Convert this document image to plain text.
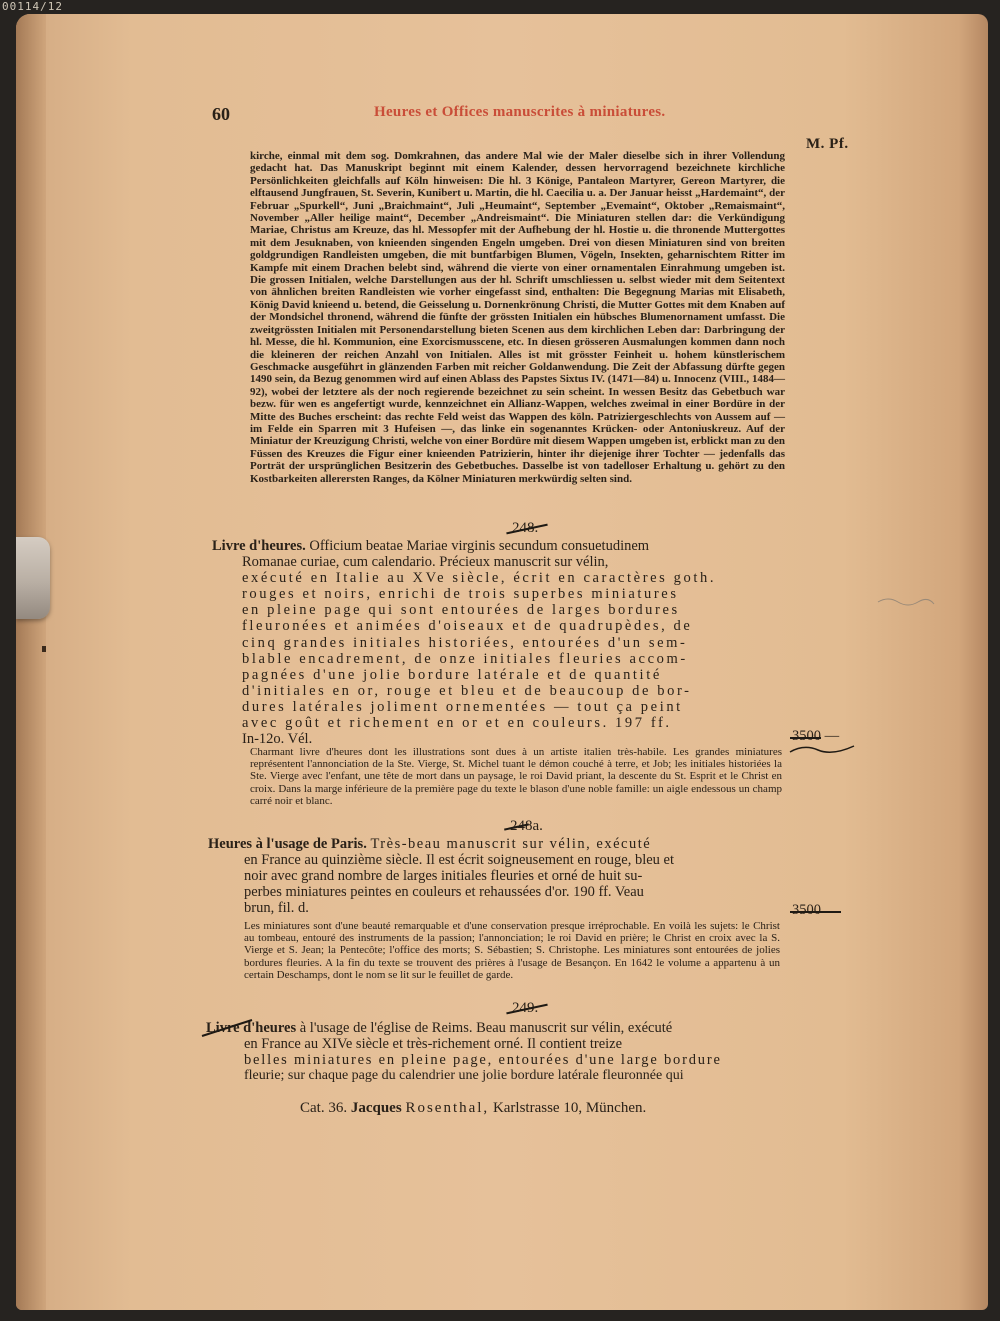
00114/12
60	Heures et Offices manuscrites à miniatures.
M. Pf.
kirche, einmal mit dem sog. Domkrahnen, das andere Mal wie der Maler dieselbe sich in ihrer Vollendung gedacht hat. Das Manuskript beginnt mit einem Kalender, dessen hervorragend bezeichnete kirchliche Persönlichkeiten gleichfalls auf Köln hinweisen: Die hl. 3 Könige, Pantaleon Martyrer, Gereon Martyrer, die elftausend Jungfrauen, St. Severin, Kunibert u. Martin, die hl. Caecilia u. a. Der Januar heisst „Hardemaint“, der Februar „Spurkell“, Juni „Braichmaint“, Juli „Heumaint“, September „Evemaint“, Oktober „Remaismaint“, November „Aller heilige maint“, December „Andreismaint“. Die Miniaturen stellen dar: die Verkündigung Mariae, Christus am Kreuze, das hl. Messopfer mit der Aufhebung der hl. Hostie u. die thronende Muttergottes mit dem Jesuknaben, von knieenden singenden Engeln umgeben. Drei von diesen Miniaturen sind von breiten goldgrundigen Randleisten umgeben, die mit buntfarbigen Blumen, Vögeln, Insekten, geharnischtem Ritter im Kampfe mit einem Drachen belebt sind, während die vierte von einer ornamentalen Einrahmung umgeben ist. Die grossen Initialen, welche Darstellungen aus der hl. Schrift umschliessen u. selbst wieder mit dem Seitentext von ähnlichen breiten Randleisten wie vorher eingefasst sind, enthalten: Die Begegnung Marias mit Elisabeth, König David knieend u. betend, die Geisselung u. Dornenkrönung Christi, die Mutter Gottes mit dem Knaben auf der Mondsichel thronend, während die fünfte der grössten Initialen ein hübsches Blumenornament umfasst. Die zweitgrössten Initialen mit Personendarstellung bieten Scenen aus dem kirchlichen Leben dar: Darbringung der hl. Messe, die hl. Kommunion, eine Exorcismusscene, etc. In diesen grösseren Ausmalungen kommen dann noch die kleineren der reichen Anzahl von Initialen. Alles ist mit grösster Feinheit u. hohem künstlerischem Geschmacke ausgeführt in glänzenden Farben mit reicher Goldanwendung. Die Zeit der Abfassung dürfte gegen 1490 sein, da Bezug genommen wird auf einen Ablass des Papstes Sixtus IV. (1471—84) u. Innocenz (VIII., 1484—92), wobei der letztere als der noch regierende bezeichnet zu sein scheint. In wessen Besitz das Gebetbuch war bezw. für wen es angefertigt wurde, kennzeichnet ein Allianz-Wappen, welches zweimal in einer Bordüre in der Mitte des Buches erscheint: das rechte Feld weist das Wappen des köln. Patriziergeschlechts von Aussem auf — im Felde ein Sparren mit 3 Hufeisen —, das linke ein sogenanntes Krücken- oder Antoniuskreuz. Auf der Miniatur der Kreuzigung Christi, welche von einer Bordüre mit diesem Wappen umgeben ist, erblickt man zu den Füssen des Kreuzes die Figur einer knieenden Patrizierin, hinter ihr diejenige ihrer Tochter — jedenfalls das Porträt der ursprünglichen Besitzerin des Gebetbuches. Dasselbe ist von tadelloser Erhaltung u. gehört zu den Kostbarkeiten allerersten Ranges, da Kölner Miniaturen merkwürdig selten sind.
248.
Livre d'heures. Officium beatae Mariae virginis secundum consuetudinem
Romanae curiae, cum calendario. Précieux manuscrit sur vélin,
exécuté en Italie au XVe siècle, écrit en caractères goth.
rouges et noirs, enrichi de trois superbes miniatures
en pleine page qui sont entourées de larges bordures
fleuronées et animées d'oiseaux et de quadrupèdes, de
cinq grandes initiales historiées, entourées d'un sem-
blable encadrement, de onze initiales fleuries accom-
pagnées d'une jolie bordure latérale et de quantité
d'initiales en or, rouge et bleu et de beaucoup de bor-
dures latérales joliment ornementées — tout ça peint
avec goût et richement en or et en couleurs. 197 ff.
In-12o. Vél.
Charmant livre d'heures dont les illustrations sont dues à un artiste italien très-habile. Les grandes miniatures représentent l'annonciation de la Ste. Vierge, St. Michel tuant le démon couché à terre, et Job; les initiales historiées la Ste. Vierge avec l'enfant, une tête de mort dans un paysage, le roi David priant, la descente du St. Esprit et le Christ en croix. Dans la marge inférieure de la première page du texte le blason d'une noble famille: un aigle endessous un champ carré noir et blanc.
3500 —
248a.
Heures à l'usage de Paris. Très-beau manuscrit sur vélin, exécuté
en France au quinzième siècle. Il est écrit soigneusement en rouge, bleu et
noir avec grand nombre de larges initiales fleuries et orné de huit su-
perbes miniatures peintes en couleurs et rehaussées d'or. 190 ff. Veau
brun, fil. d.
Les miniatures sont d'une beauté remarquable et d'une conservation presque irréprochable. En voilà les sujets: le Christ au tombeau, entouré des instruments de la passion; l'annonciation; le roi David en prière; le Christ en croix avec la S. Vierge et S. Jean; la Pentecôte; l'office des morts; S. Sébastien; S. Christophe. Les miniatures sont entourées de jolies bordures fleuries. A la fin du texte se trouvent des prières à l'usage de Besançon. En 1642 le volume a appartenu à un certain Deschamps, dont le nom se lit sur le feuillet de garde.
3500
249.
Livre d'heures à l'usage de l'église de Reims. Beau manuscrit sur vélin, exécuté
en France au XIVe siècle et très-richement orné. Il contient treize
belles miniatures en pleine page, entourées d'une large bordure
fleurie; sur chaque page du calendrier une jolie bordure latérale fleuronnée qui
Cat. 36. Jacques Rosenthal, Karlstrasse 10, München.
